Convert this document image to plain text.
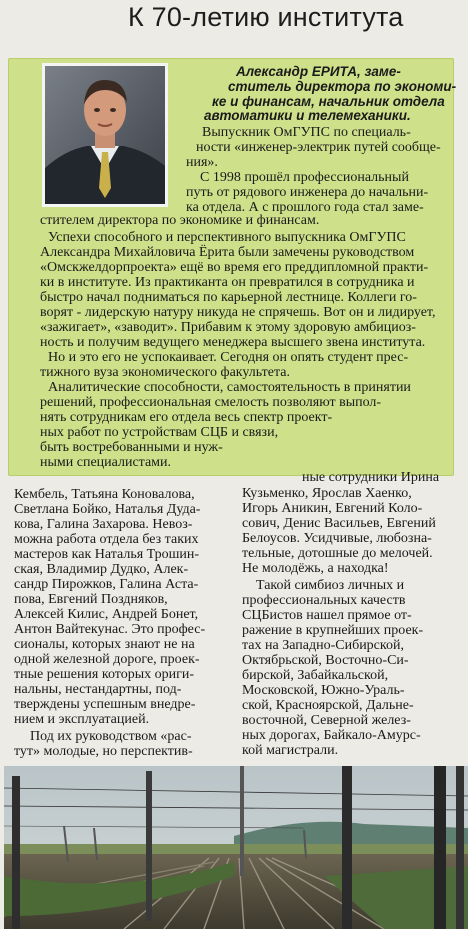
К 70-летию института
Александр ЕРИТА, замe-
ститель директора по экономи-
ке и финансам, начальник отдела
автоматики и телемеханики.
Выпускник ОмГУПС по специаль-
ности «инженер-электрик путей сообще-
ния».
С 1998 прошёл профессиональный
путь от рядового инженера до начальни-
ка отдела. А с прошлого года стал заме-
стителем директора по экономике и финансам.
Успехи способного и перспективного выпускника ОмГУПС
Александра Михайловича Ёрита были замечены руководством
«Омскжелдорпроекта» ещё во время его преддипломной практи-
ки в институте. Из практиканта он превратился в сотрудника и
быстро начал подниматься по карьерной лестнице. Коллеги го-
ворят - лидерскую натуру никуда не спрячешь. Вот он и лидирует,
«зажигает», «заводит». Прибавим к этому здоровую амбициоз-
ность и получим ведущего менеджера высшего звена института.
Но и это его не успокаивает. Сегодня он опять студент прес-
тижного вуза экономического факультета.
Аналитические способности, самостоятельность в принятии
решений, профессиональная смелость позволяют выпол-
нять сотрудникам его отдела весь спектр проект-
ных работ по устройствам СЦБ и связи,
быть востребованными и нуж-
ными специалистами.
Кембель, Татьяна Коновалова,
Светлана Бойко, Наталья Дуда-
кова, Галина Захарова. Невоз-
можна работа отдела без таких
мастеров как Наталья Трошин-
ская, Владимир Дудко, Алек-
сандр Пирожков, Галина Аста-
пова, Евгений Поздняков,
Алексей Килис, Андрей Бонет,
Антон Вайтекунас. Это профес-
сионалы, которых знают не на
одной железной дороге, проек-
тные решения которых ориги-
нальны, нестандартны, под-
тверждены успешным внедре-
нием и эксплуатацией.
Под их руководством «рас-
тут» молодые, но перспектив-
ные сотрудники Ирина
Кузьменко, Ярослав Хаенко,
Игорь Аникин, Евгений Коло-
сович, Денис Васильев, Евгений
Белоусов. Усидчивые, любозна-
тельные, дотошные до мелочей.
Не молодёжь, а находка!
Такой симбиоз личных и
профессиональных качеств
СЦБистов нашел прямое от-
ражение в крупнейших проек-
тах на Западно-Сибирской,
Октябрьской, Восточно-Си-
бирской, Забайкальской,
Московской, Южно-Ураль-
ской, Красноярской, Дальне-
восточной, Северной желез-
ных дорогах, Байкало-Амурс-
кой магистрали.
